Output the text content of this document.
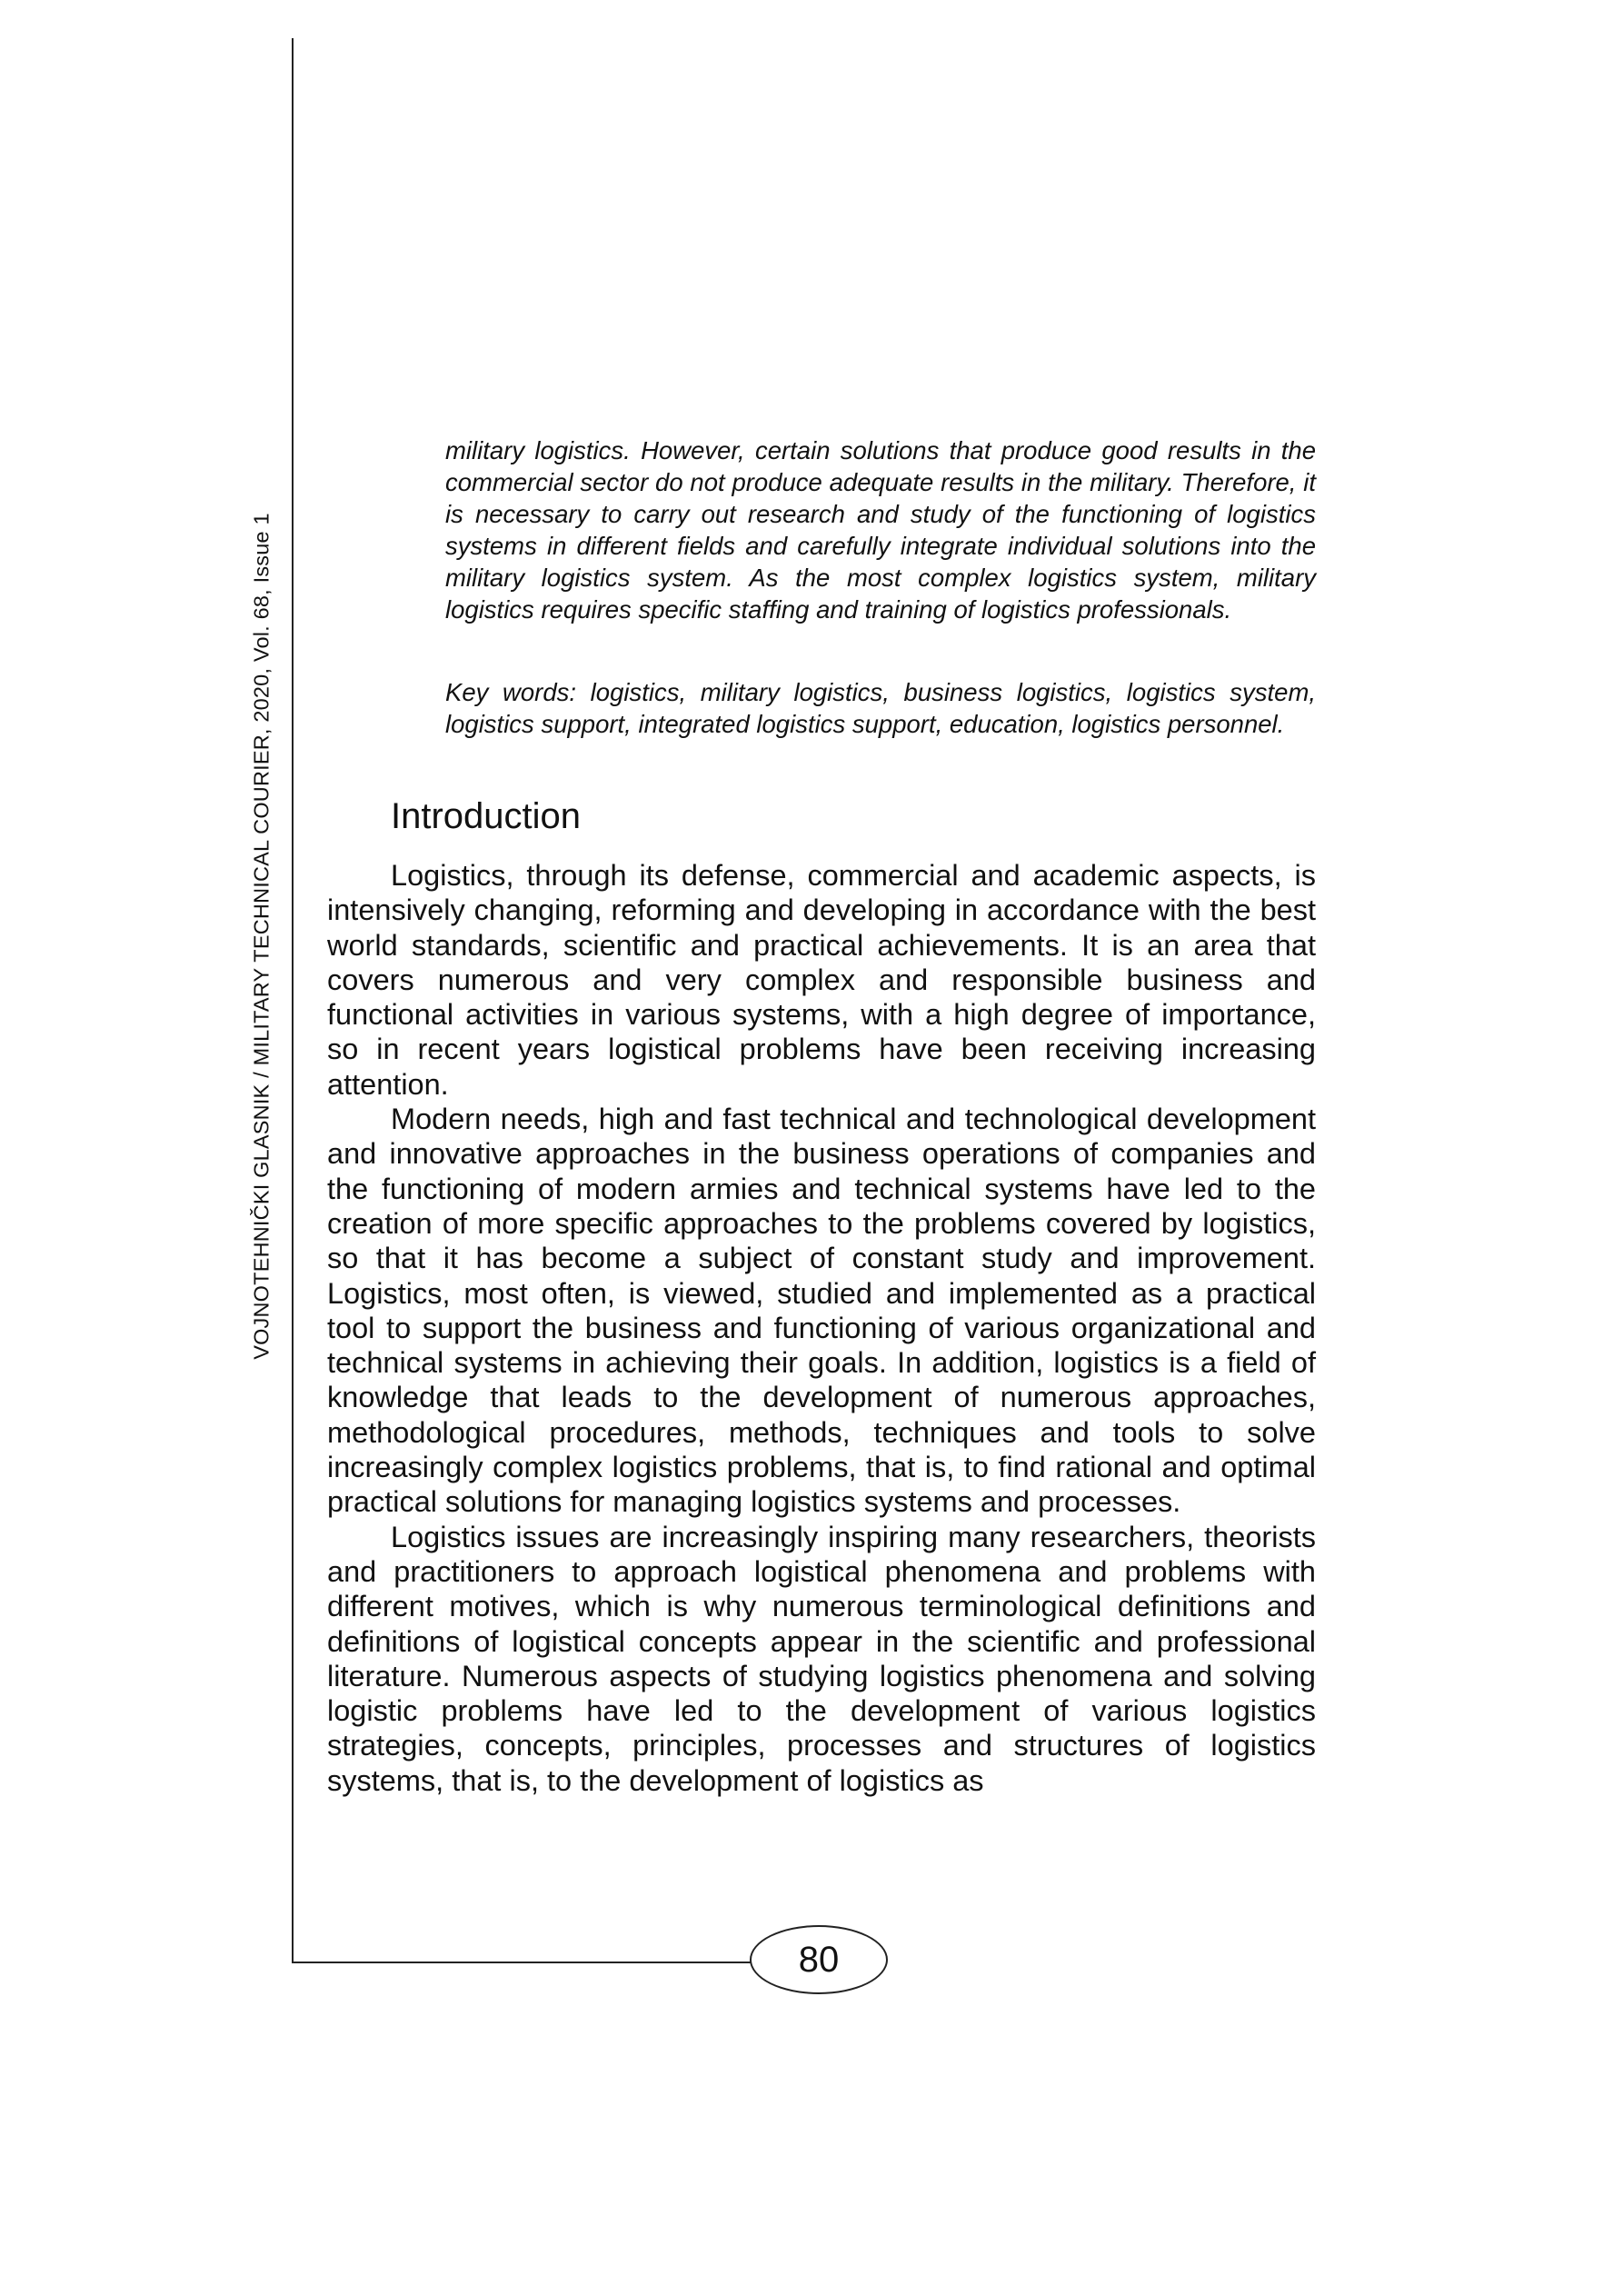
VOJNOTEHNIČKI GLASNIK / MILITARY TECHNICAL COURIER, 2020, Vol. 68, Issue 1

military logistics. However, certain solutions that produce good results in the commercial sector do not produce adequate results in the military. Therefore, it is necessary to carry out research and study of the functioning of logistics systems in different fields and carefully integrate individual solutions into the military logistics system. As the most complex logistics system, military logistics requires specific staffing and training of logistics professionals.

Key words: logistics, military logistics, business logistics, logistics system, logistics support, integrated logistics support, education, logistics personnel.

Introduction

Logistics, through its defense, commercial and academic aspects, is intensively changing, reforming and developing in accordance with the best world standards, scientific and practical achievements. It is an area that covers numerous and very complex and responsible business and functional activities in various systems, with a high degree of importance, so in recent years logistical problems have been receiving increasing attention.

Modern needs, high and fast technical and technological development and innovative approaches in the business operations of companies and the functioning of modern armies and technical systems have led to the creation of more specific approaches to the problems covered by logistics, so that it has become a subject of constant study and improvement. Logistics, most often, is viewed, studied and implemented as a practical tool to support the business and functioning of various organizational and technical systems in achieving their goals. In addition, logistics is a field of knowledge that leads to the development of numerous approaches, methodological procedures, methods, techniques and tools to solve increasingly complex logistics problems, that is, to find rational and optimal practical solutions for managing logistics systems and processes.

Logistics issues are increasingly inspiring many researchers, theorists and practitioners to approach logistical phenomena and problems with different motives, which is why numerous terminological definitions and definitions of logistical concepts appear in the scientific and professional literature. Numerous aspects of studying logistics phenomena and solving logistic problems have led to the development of various logistics strategies, concepts, principles, processes and structures of logistics systems, that is, to the development of logistics as

80
